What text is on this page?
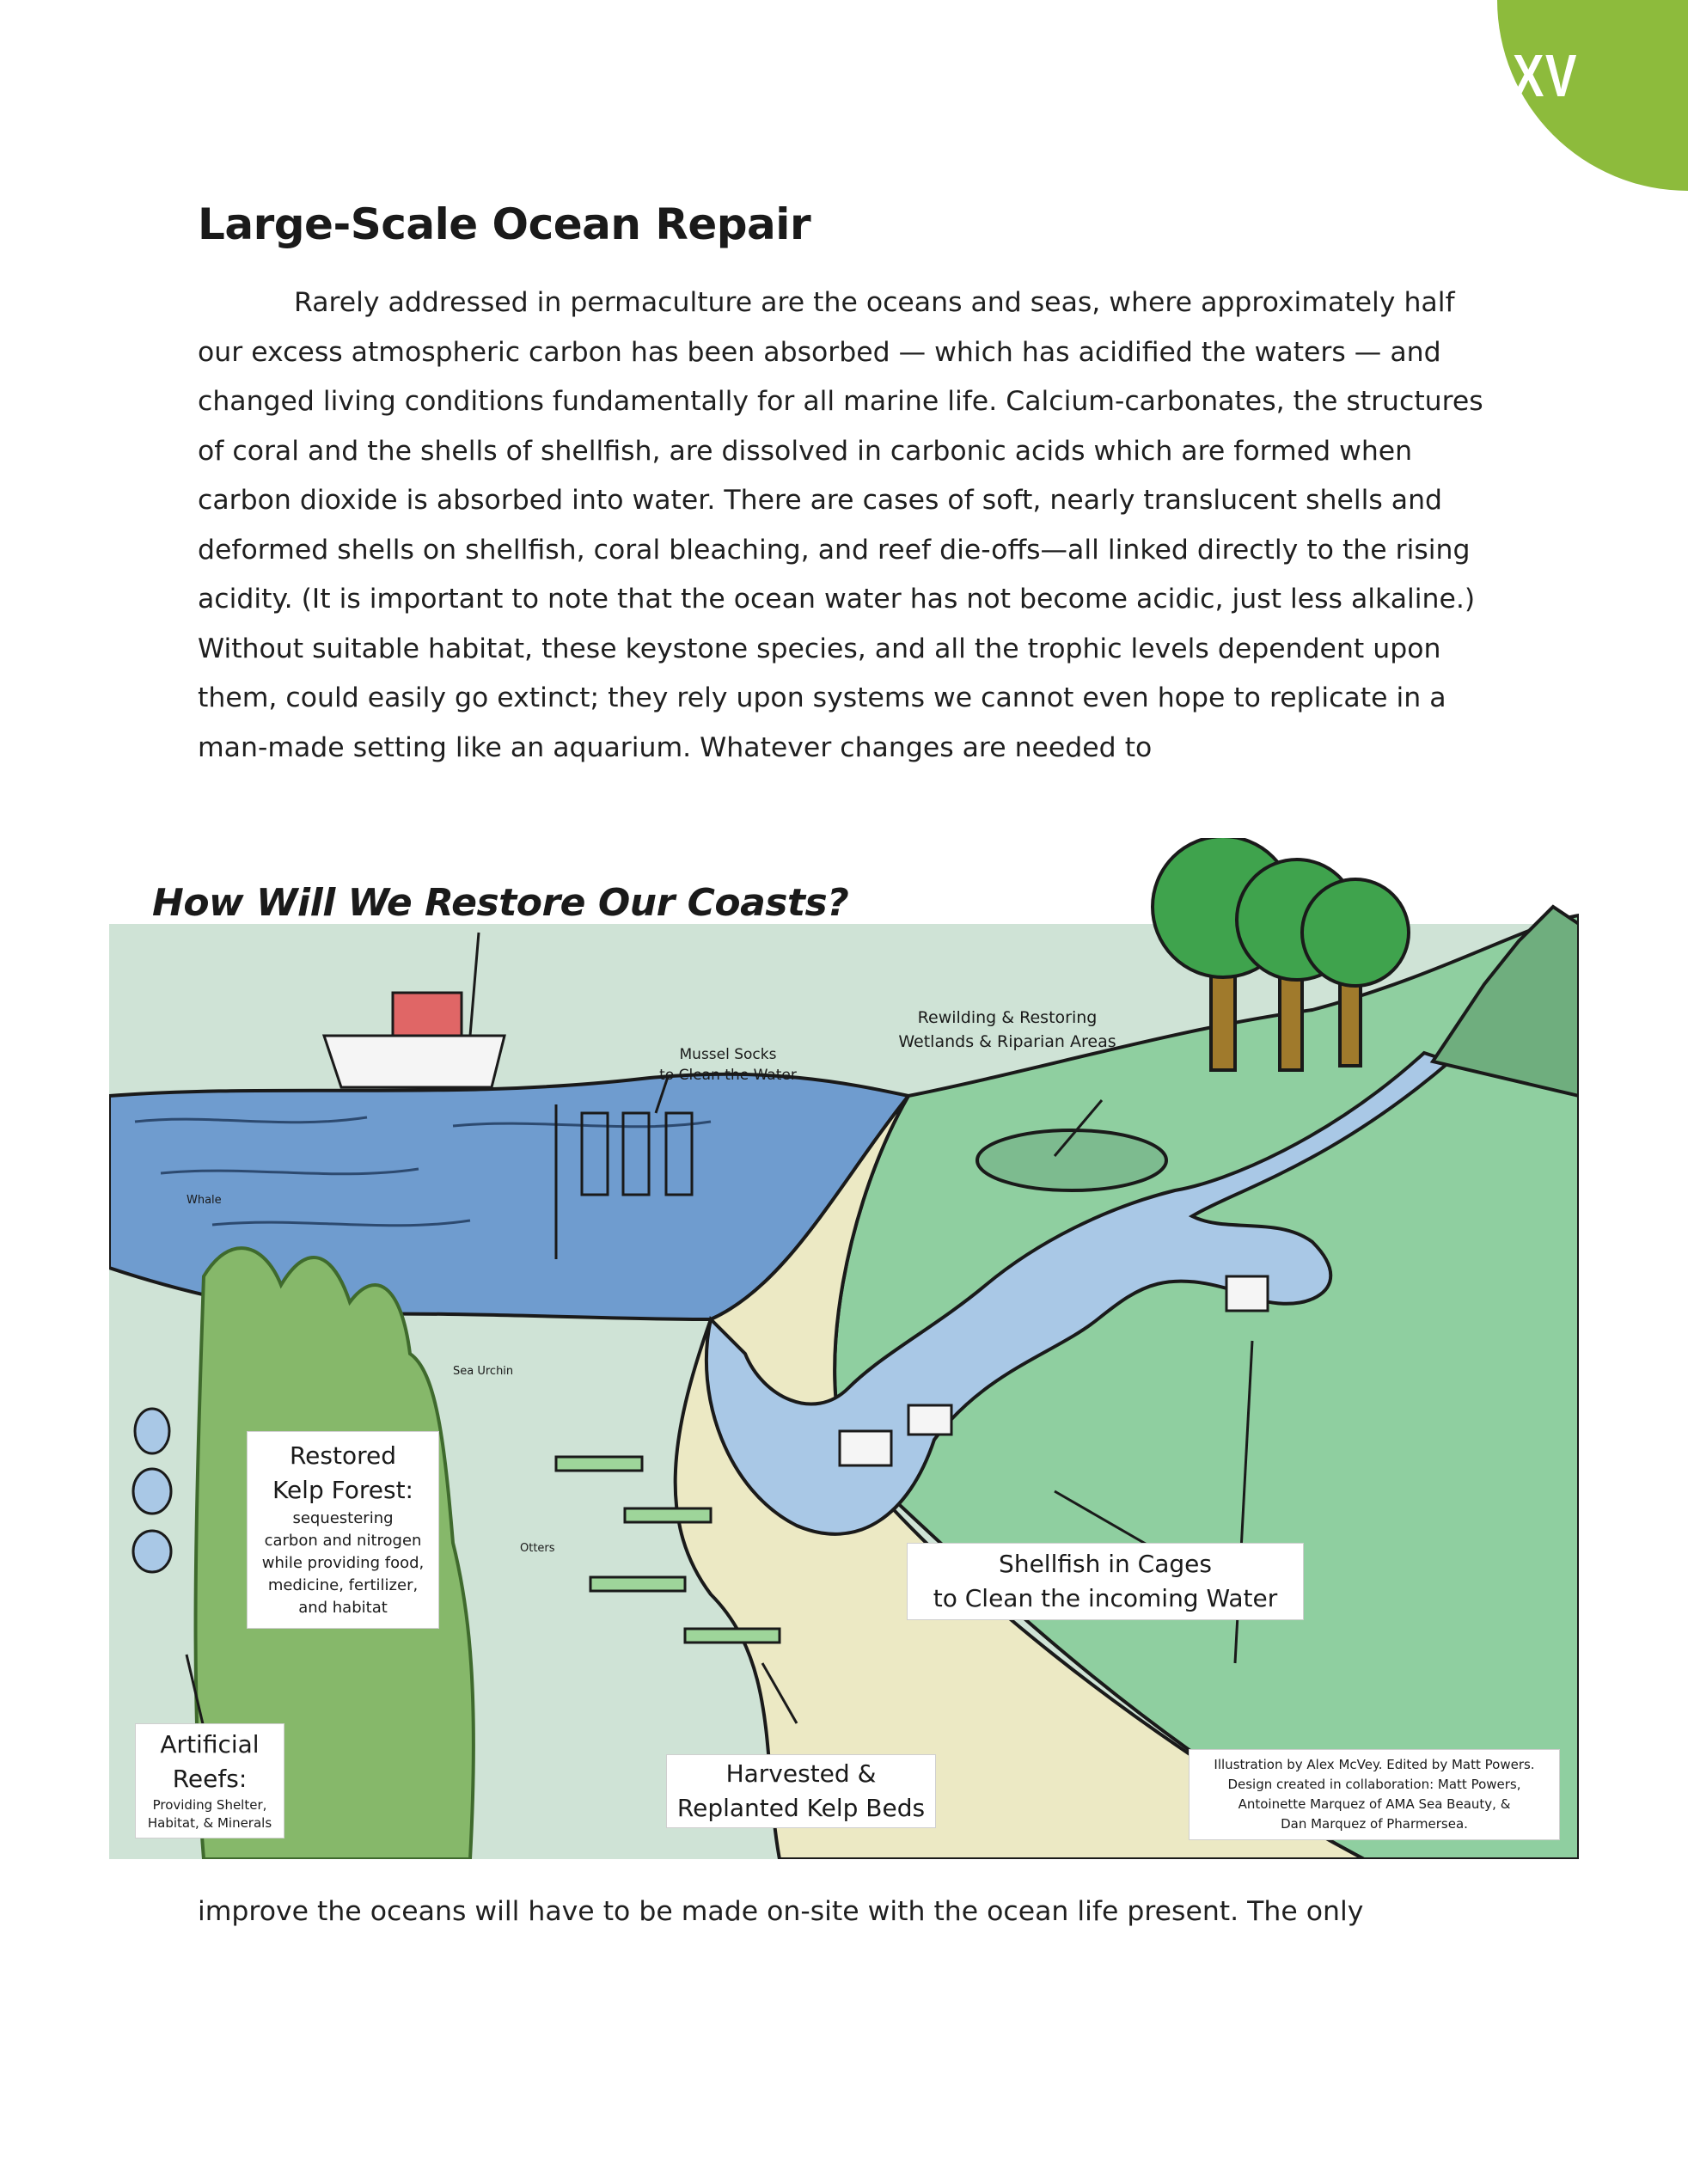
XV
Large-Scale Ocean Repair

Rarely addressed in permaculture are the oceans and seas, where approximately half our excess atmospheric carbon has been absorbed — which has acidified the waters — and changed living conditions fundamentally for all marine life. Calcium-carbonates, the structures of coral and the shells of shellfish, are dissolved in carbonic acids which are formed when carbon dioxide is absorbed into water. There are cases of soft, nearly translucent shells and deformed shells on shellfish, coral bleaching, and reef die-offs—all linked directly to the rising acidity. (It is important to note that the ocean water has not become acidic, just less alkaline.) Without suitable habitat, these keystone species, and all the trophic levels dependent upon them, could easily go extinct; they rely upon systems we cannot even hope to replicate in a man-made setting like an aquarium. Whatever changes are needed to

How Will We Restore Our Coasts?
Mussel Socks
to Clean the Water
Rewilding & Restoring
Wetlands & Riparian Areas
Whale
Sea Urchin
Otters
Restored
Kelp Forest:
sequestering
carbon and nitrogen
while providing food,
medicine, fertilizer,
and habitat
Shellfish in Cages
to Clean the incoming Water
Artificial
Reefs:
Providing Shelter,
Habitat, & Minerals
Harvested &
Replanted Kelp Beds
Illustration by Alex McVey. Edited by Matt Powers.
Design created in collaboration: Matt Powers,
Antoinette Marquez of AMA Sea Beauty, &
Dan Marquez of Pharmersea.

improve the oceans will have to be made on-site with the ocean life present. The only
